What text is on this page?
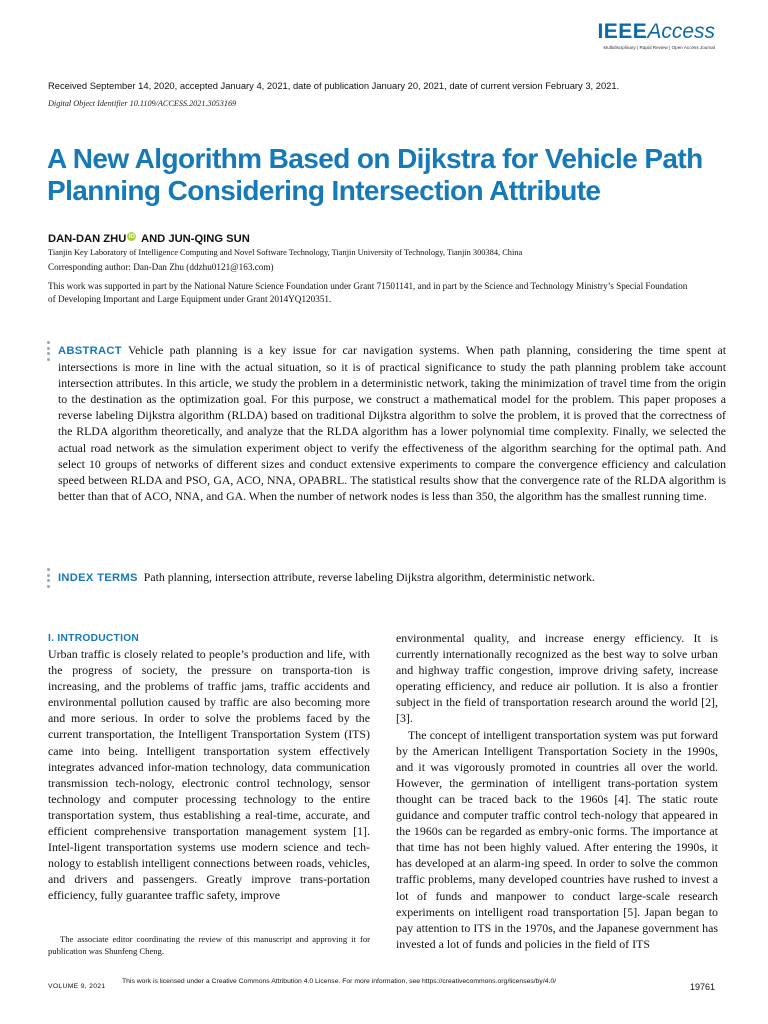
IEEEAccess
Multidisciplinary | Rapid Review | Open Access Journal
Received September 14, 2020, accepted January 4, 2021, date of publication January 20, 2021, date of current version February 3, 2021.
Digital Object Identifier 10.1109/ACCESS.2021.3053169
A New Algorithm Based on Dijkstra for Vehicle Path Planning Considering Intersection Attribute
DAN-DAN ZHU iD AND JUN-QING SUN
Tianjin Key Laboratory of Intelligence Computing and Novel Software Technology, Tianjin University of Technology, Tianjin 300384, China
Corresponding author: Dan-Dan Zhu (ddzhu0121@163.com)
This work was supported in part by the National Nature Science Foundation under Grant 71501141, and in part by the Science and Technology Ministry’s Special Foundation of Developing Important and Large Equipment under Grant 2014YQ120351.
ABSTRACT Vehicle path planning is a key issue for car navigation systems. When path planning, considering the time spent at intersections is more in line with the actual situation, so it is of practical significance to study the path planning problem take account intersection attributes. In this article, we study the problem in a deterministic network, taking the minimization of travel time from the origin to the destination as the optimization goal. For this purpose, we construct a mathematical model for the problem. This paper proposes a reverse labeling Dijkstra algorithm (RLDA) based on traditional Dijkstra algorithm to solve the problem, it is proved that the correctness of the RLDA algorithm theoretically, and analyze that the RLDA algorithm has a lower polynomial time complexity. Finally, we selected the actual road network as the simulation experiment object to verify the effectiveness of the algorithm searching for the optimal path. And select 10 groups of networks of different sizes and conduct extensive experiments to compare the convergence efficiency and calculation speed between RLDA and PSO, GA, ACO, NNA, OPABRL. The statistical results show that the convergence rate of the RLDA algorithm is better than that of ACO, NNA, and GA. When the number of network nodes is less than 350, the algorithm has the smallest running time.
INDEX TERMS Path planning, intersection attribute, reverse labeling Dijkstra algorithm, deterministic network.
I. INTRODUCTION

Urban traffic is closely related to people’s production and life, with the progress of society, the pressure on transporta-tion is increasing, and the problems of traffic jams, traffic accidents and environmental pollution caused by traffic are also becoming more and more serious. In order to solve the problems faced by the current transportation, the Intelligent Transportation System (ITS) came into being. Intelligent transportation system effectively integrates advanced infor-mation technology, data communication transmission tech-nology, electronic control technology, sensor technology and computer processing technology to the entire transportation system, thus establishing a real-time, accurate, and efficient comprehensive transportation management system [1]. Intel-ligent transportation systems use modern science and tech-nology to establish intelligent connections between roads, vehicles, and drivers and passengers. Greatly improve trans-portation efficiency, fully guarantee traffic safety, improve

environmental quality, and increase energy efficiency. It is currently internationally recognized as the best way to solve urban and highway traffic congestion, improve driving safety, increase operating efficiency, and reduce air pollution. It is also a frontier subject in the field of transportation research around the world [2], [3].

The concept of intelligent transportation system was put forward by the American Intelligent Transportation Society in the 1990s, and it was vigorously promoted in countries all over the world. However, the germination of intelligent trans-portation system thought can be traced back to the 1960s [4]. The static route guidance and computer traffic control tech-nology that appeared in the 1960s can be regarded as embry-onic forms. The importance at that time has not been highly valued. After entering the 1990s, it has developed at an alarm-ing speed. In order to solve the common traffic problems, many developed countries have rushed to invest a lot of funds and manpower to conduct large-scale research experiments on intelligent road transportation [5]. Japan began to pay attention to ITS in the 1970s, and the Japanese government has invested a lot of funds and policies in the field of ITS

The associate editor coordinating the review of this manuscript and approving it for publication was Shunfeng Cheng.
VOLUME 9, 2021
This work is licensed under a Creative Commons Attribution 4.0 License. For more information, see https://creativecommons.org/licenses/by/4.0/
19761
